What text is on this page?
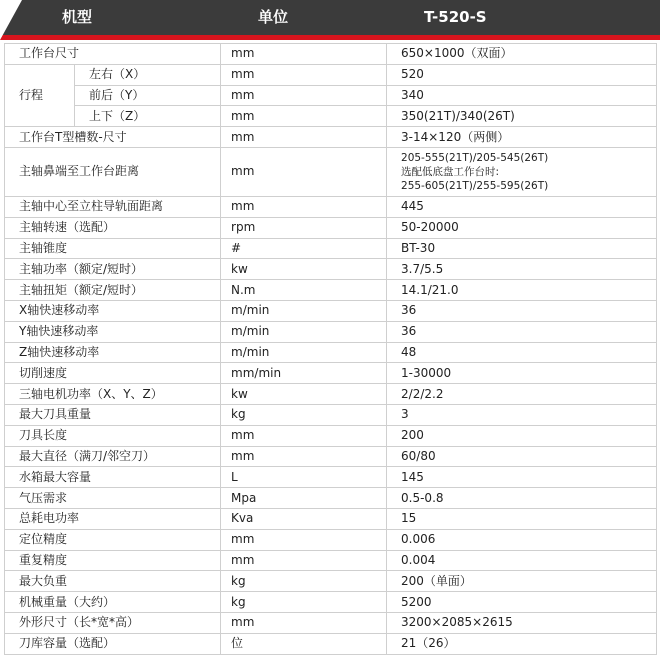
机型	单位	T-520-S
工作台尺寸		mm	650×1000（双面）
行程	左右（X）	mm	520
	前后（Y）	mm	340
	上下（Z）	mm	350(21T)/340(26T)
工作台T型槽数-尺寸		mm	3-14×120（两侧）
主轴鼻端至工作台距离		mm	205-555(21T)/205-545(26T)
选配低底盘工作台时:
255-605(21T)/255-595(26T)

主轴中心至立柱导轨面距离		mm	445
主轴转速（选配）		rpm	50-20000
主轴锥度		#	BT-30
主轴功率（额定/短时）		kw	3.7/5.5
主轴扭矩（额定/短时）		N.m	14.1/21.0
X轴快速移动率		m/min	36
Y轴快速移动率		m/min	36
Z轴快速移动率		m/min	48
切削速度		mm/min	1-30000
三轴电机功率（X、Y、Z）		kw	2/2/2.2
最大刀具重量		kg	3
刀具长度		mm	200
最大直径（满刀/邻空刀）		mm	60/80
水箱最大容量		L	145
气压需求		Mpa	0.5-0.8
总耗电功率		Kva	15
定位精度		mm	0.006
重复精度		mm	0.004
最大负重		kg	200（单面）
机械重量（大约）		kg	5200
外形尺寸（长*宽*高）		mm	3200×2085×2615
刀库容量（选配）		位	21（26）
